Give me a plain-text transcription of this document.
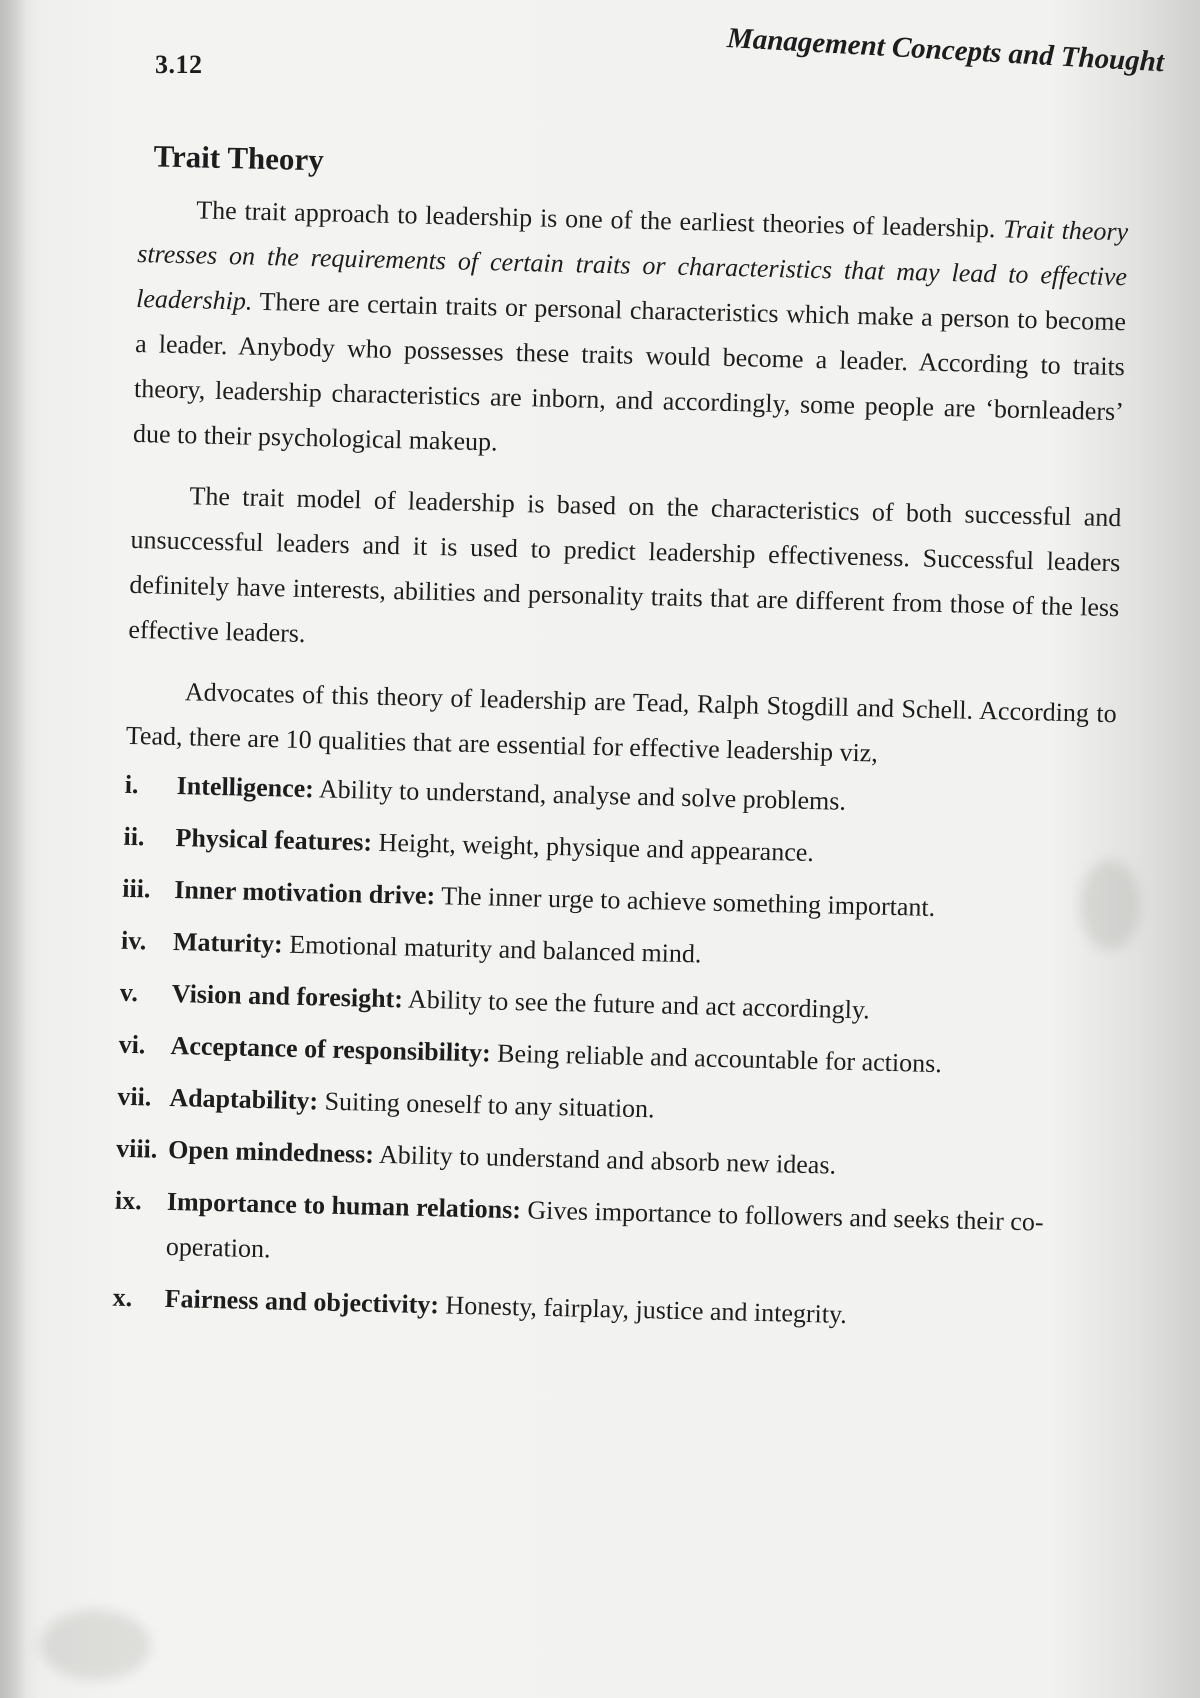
3.12	Management Concepts and Thought
Trait Theory

The trait approach to leadership is one of the earliest theories of leadership. Trait theory stresses on the requirements of certain traits or characteristics that may lead to effective leadership. There are certain traits or personal characteristics which make a person to become a leader. Anybody who possesses these traits would become a leader. According to traits theory, leadership characteristics are inborn, and accordingly, some people are ‘bornleaders’ due to their psychological makeup.

The trait model of leadership is based on the characteristics of both successful and unsuccessful leaders and it is used to predict leadership effectiveness. Successful leaders definitely have interests, abilities and personality traits that are different from those of the less effective leaders.

Advocates of this theory of leadership are Tead, Ralph Stogdill and Schell. According to Tead, there are 10 qualities that are essential for effective leadership viz,

i. Intelligence: Ability to understand, analyse and solve problems.
ii. Physical features: Height, weight, physique and appearance.
iii. Inner motivation drive: The inner urge to achieve something important.
iv. Maturity: Emotional maturity and balanced mind.
v. Vision and foresight: Ability to see the future and act accordingly.
vi. Acceptance of responsibility: Being reliable and accountable for actions.
vii. Adaptability: Suiting oneself to any situation.
viii. Open mindedness: Ability to understand and absorb new ideas.
ix. Importance to human relations: Gives importance to followers and seeks their co-operation.
x. Fairness and objectivity: Honesty, fairplay, justice and integrity.
